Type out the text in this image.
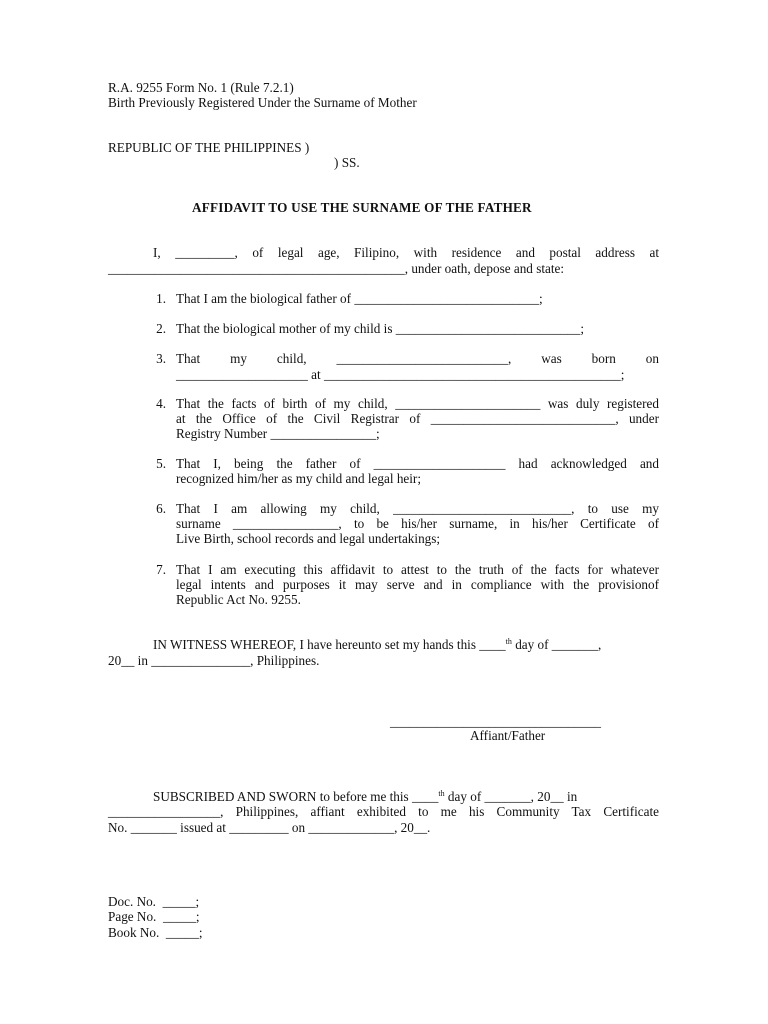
R.A. 9255 Form No. 1 (Rule 7.2.1)
Birth Previously Registered Under the Surname of Mother
REPUBLIC OF THE PHILIPPINES )
) SS.
AFFIDAVIT TO USE THE SURNAME OF THE FATHER
I, _________, of legal age, Filipino, with residence and postal address at
_____________________________________________, under oath, depose and state:
1. That I am the biological father of ____________________________;
2. That the biological mother of my child is ____________________________;
3. That my child, __________________________, was born on
____________________ at _____________________________________________;
4. That the facts of birth of my child, ______________________ was duly registered
at the Office of the Civil Registrar of ____________________________, under
Registry Number ________________;
5. That I, being the father of ____________________ had acknowledged and
recognized him/her as my child and legal heir;
6. That I am allowing my child, ___________________________, to use my
surname ________________, to be his/her surname, in his/her Certificate of
Live Birth, school records and legal undertakings;
7. That I am executing this affidavit to attest to the truth of the facts for whatever
legal intents and purposes it may serve and in compliance with the provisionof
Republic Act No. 9255.
IN WITNESS WHEREOF, I have hereunto set my hands this ____$^{th}$ day of _______,
20__ in _______________, Philippines.
________________________________
Affiant/Father
SUBSCRIBED AND SWORN to before me this ____$^{th}$ day of _______, 20__ in
_________________, Philippines, affiant exhibited to me his Community Tax Certificate
No. _______ issued at _________ on _____________, 20__.
Doc. No.  _____;
Page No.  _____;
Book No.  _____;
